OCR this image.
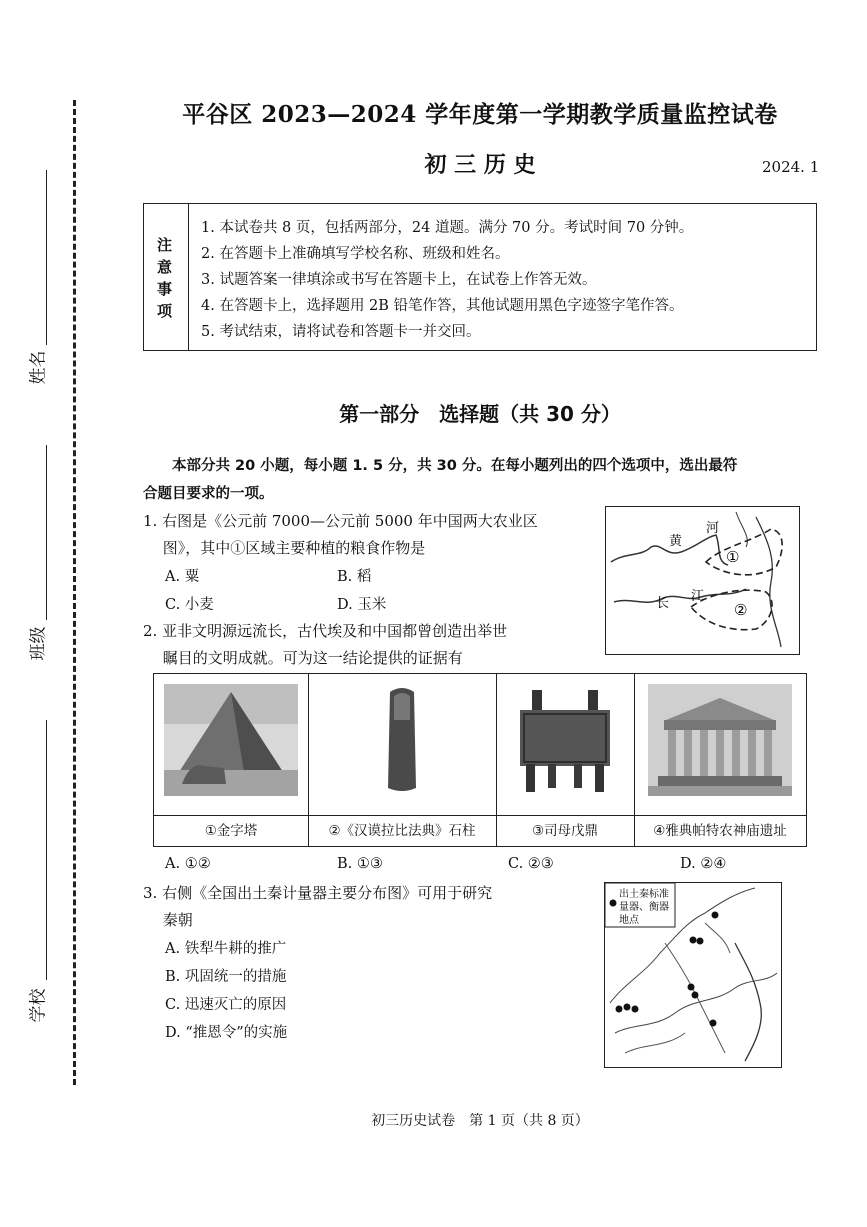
姓名
班级
学校
平谷区 2023—2024 学年度第一学期教学质量监控试卷
初 三 历 史	2024. 1
注
意
事
项
1. 本试卷共 8 页，包括两部分，24 道题。满分 70 分。考试时间 70 分钟。
2. 在答题卡上准确填写学校名称、班级和姓名。
3. 试题答案一律填涂或书写在答题卡上，在试卷上作答无效。
4. 在答题卡上，选择题用 2B 铅笔作答，其他试题用黑色字迹签字笔作答。
5. 考试结束，请将试卷和答题卡一并交回。
第一部分　选择题（共 30 分）
　　本部分共 20 小题，每小题 1. 5 分，共 30 分。在每小题列出的四个选项中，选出最符
合题目要求的一项。
1. 右图是《公元前 7000—公元前 5000 年中国两大农业区
　 图》，其中①区域主要种植的粮食作物是
A. 粟	B. 稻
C. 小麦	D. 玉米
黄
河
长 江
①
②
2. 亚非文明源远流长，古代埃及和中国都曾创造出举世
　 瞩目的文明成就。可为这一结论提供的证据有
①金字塔	②《汉谟拉比法典》石柱	③司母戊鼎	④雅典帕特农神庙遗址
A. ①②	B. ①③	C. ②③	D. ②④
3. 右侧《全国出土秦计量器主要分布图》可用于研究
　 秦朝
A. 铁犁牛耕的推广
B. 巩固统一的措施
C. 迅速灭亡的原因
D. “推恩令”的实施
出土秦标准
量器、衡器
地点
初三历史试卷　第 1 页（共 8 页）
